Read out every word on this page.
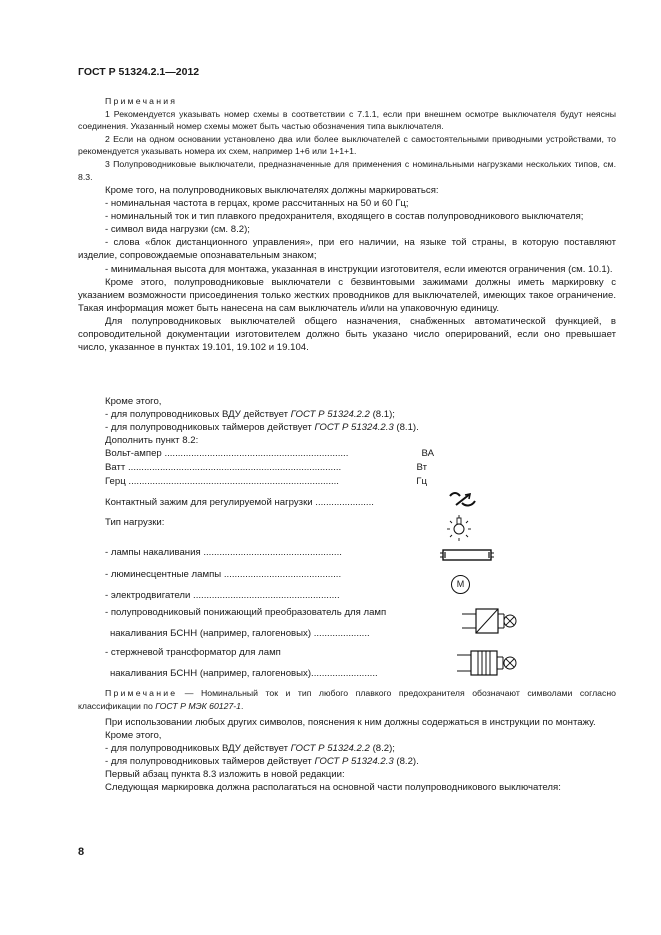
ГОСТ Р 51324.2.1—2012

Примечания

1 Рекомендуется указывать номер схемы в соответствии с 7.1.1, если при внешнем осмотре выключателя будут неясны соединения. Указанный номер схемы может быть частью обозначения типа выключателя.

2 Если на одном основании установлено два или более выключателей с самостоятельными приводными устройствами, то рекомендуется указывать номера их схем, например 1+6 или 1+1+1.

3 Полупроводниковые выключатели, предназначенные для применения с номинальными нагрузками нескольких типов, см. 8.3.

Кроме того, на полупроводниковых выключателях должны маркироваться:

- номинальная частота в герцах, кроме рассчитанных на 50 и 60 Гц;

- номинальный ток и тип плавкого предохранителя, входящего в состав полупроводникового выключателя;

- символ вида нагрузки (см. 8.2);

- слова «блок дистанционного управления», при его наличии, на языке той страны, в которую поставляют изделие, сопровождаемые опознавательным знаком;

- минимальная высота для монтажа, указанная в инструкции изготовителя, если имеются ограничения (см. 10.1).

Кроме этого, полупроводниковые выключатели с безвинтовыми зажимами должны иметь маркировку с указанием возможности присоединения только жестких проводников для выключателей, имеющих такое ограничение. Такая информация может быть нанесена на сам выключатель и/или на упаковочную единицу.

Для полупроводниковых выключателей общего назначения, снабженных автоматической функцией, в сопроводительной документации изготовителем должно быть указано число оперирований, если оно превышает число, указанное в пунктах 19.101, 19.102 и 19.104.

Кроме этого,

- для полупроводниковых ВДУ действует ГОСТ Р 51324.2.2 (8.1);

- для полупроводниковых таймеров действует ГОСТ Р 51324.2.3 (8.1).

Дополнить пункт 8.2:

Вольт-ампер .....................................................................	ВА
Ватт ................................................................................	Вт
Герц ...............................................................................	Гц
Контактный зажим для регулируемой нагрузки ......................
Тип нагрузки:
- лампы накаливания ....................................................
- люминесцентные лампы ............................................
- электродвигатели .......................................................
- полупроводниковый понижающий преобразователь для ламп
накаливания БСНН (например, галогеновых) .....................
- стержневой трансформатор для ламп
накаливания БСНН (например, галогеновых).........................
M

Примечание — Номинальный ток и тип любого плавкого предохранителя обозначают символами согласно классификации по ГОСТ Р МЭК 60127-1.

При использовании любых других символов, пояснения к ним должны содержаться в инструкции по монтажу.

Кроме этого,

- для полупроводниковых ВДУ действует ГОСТ Р 51324.2.2 (8.2);

- для полупроводниковых таймеров действует ГОСТ Р 51324.2.3 (8.2).

Первый абзац пункта 8.3 изложить в новой редакции:

Следующая маркировка должна располагаться на основной части полупроводникового выключателя:

8
